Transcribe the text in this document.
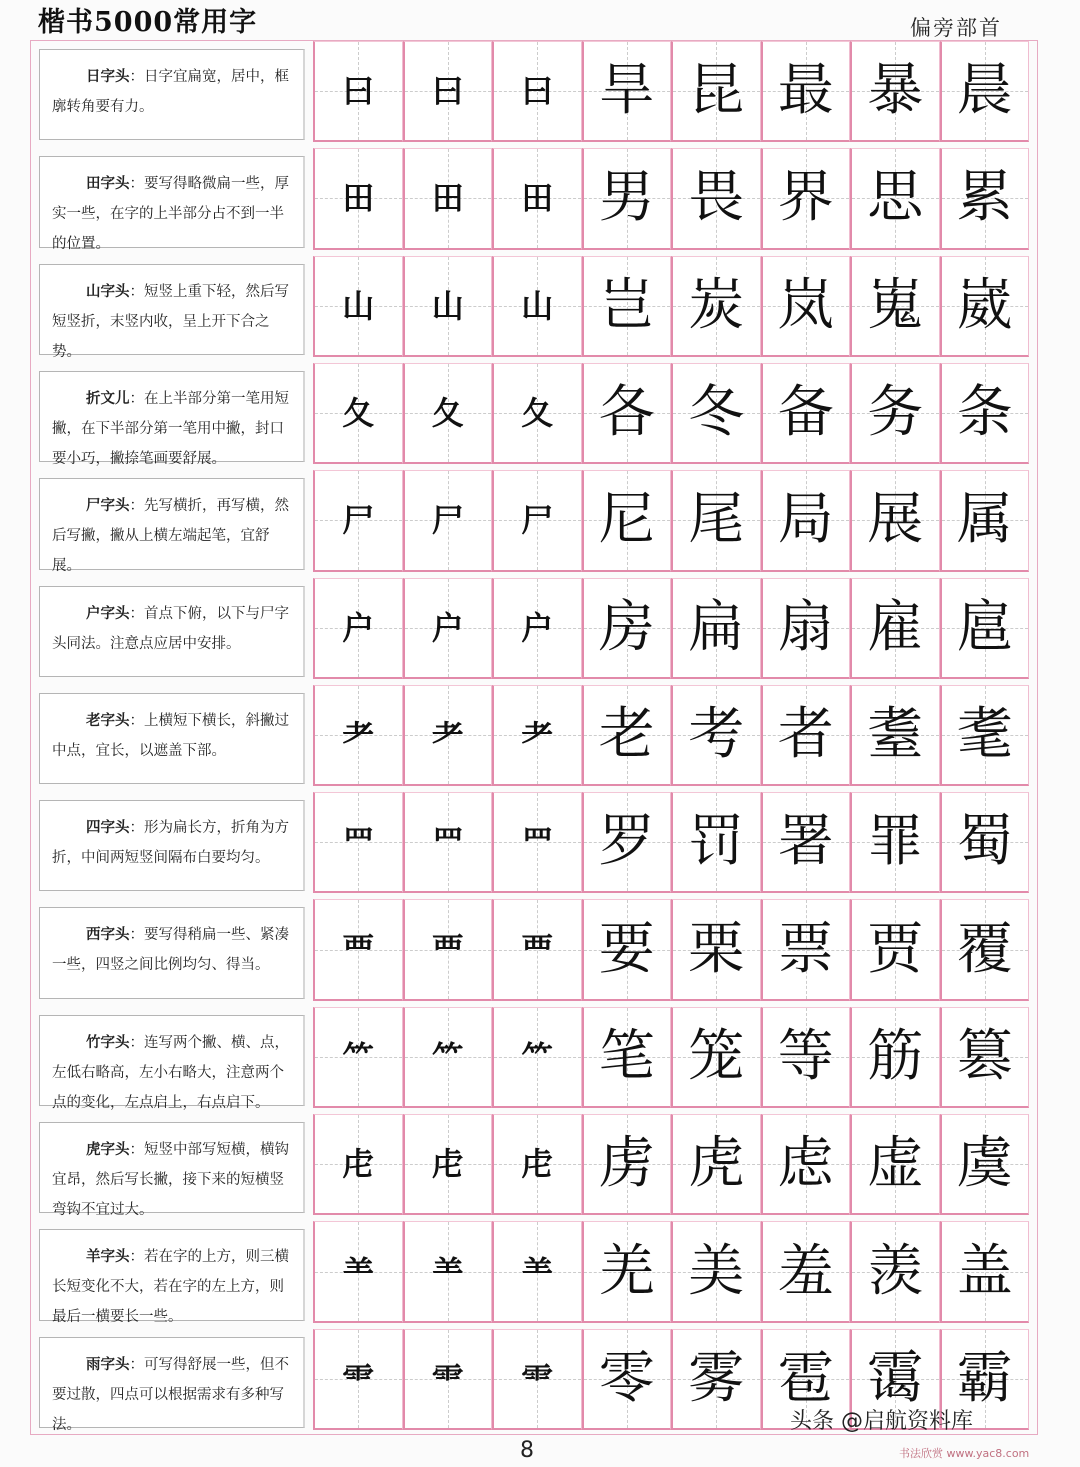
楷书5000常用字	偏旁部首
日字头：日字宜扁宽，居中，框廓转角要有力。	曰	曰	曰 旱 昆 最 暴 晨
田字头：要写得略微扁一些，厚实一些，在字的上半部分占不到一半的位置。
田	田	田 男 畏 界 思 累
山字头：短竖上重下轻，然后写短竖折，末竖内收，呈上开下合之势。
山	山	山 岂 炭 岚 嵬 崴
折文儿：在上半部分第一笔用短撇，在下半部分第一笔用中撇，封口要小巧，撇捺笔画要舒展。
夂	夂	夂 各 冬 备 务 条
尸字头：先写横折，再写横，然后写撇，撇从上横左端起笔，宜舒展。
尸	尸	尸 尼 尾 局 展 属
户字头：首点下俯，以下与尸字头同法。注意点应居中安排。	户	户	户 房 扁 扇 雇 扈
老字头：上横短下横长，斜撇过中点，宜长，以遮盖下部。	耂	耂	耂 老 考 者 耋 耄
四字头：形为扁长方，折角为方折，中间两短竖间隔布白要均匀。	罒	罒	罒 罗 罚 署 罪 蜀
西字头：要写得稍扁一些、紧凑一些，四竖之间比例均匀、得当。	覀	覀	覀 要 栗 票 贾 覆
竹字头：连写两个撇、横、点，左低右略高，左小右略大，注意两个点的变化，左点启上，右点启下。
⺮	⺮	⺮ 笔 笼 等 筋 篡
虎字头：短竖中部写短横，横钩宜昂，然后写长撇，接下来的短横竖弯钩不宜过大。
虍	虍	虍 虏 虎 虑 虚 虞
羊字头：若在字的上方，则三横长短变化不大，若在字的左上方，则最后一横要长一些。
⺷	⺷	⺷ 羌 美 羞 羡 盖
雨字头：可写得舒展一些，但不要过散，四点可以根据需求有多种写法。
⻗	⻗	⻗ 零 雾 雹 霭 霸
8
头条 @启航资料库
书法欣赏 www.yac8.com
